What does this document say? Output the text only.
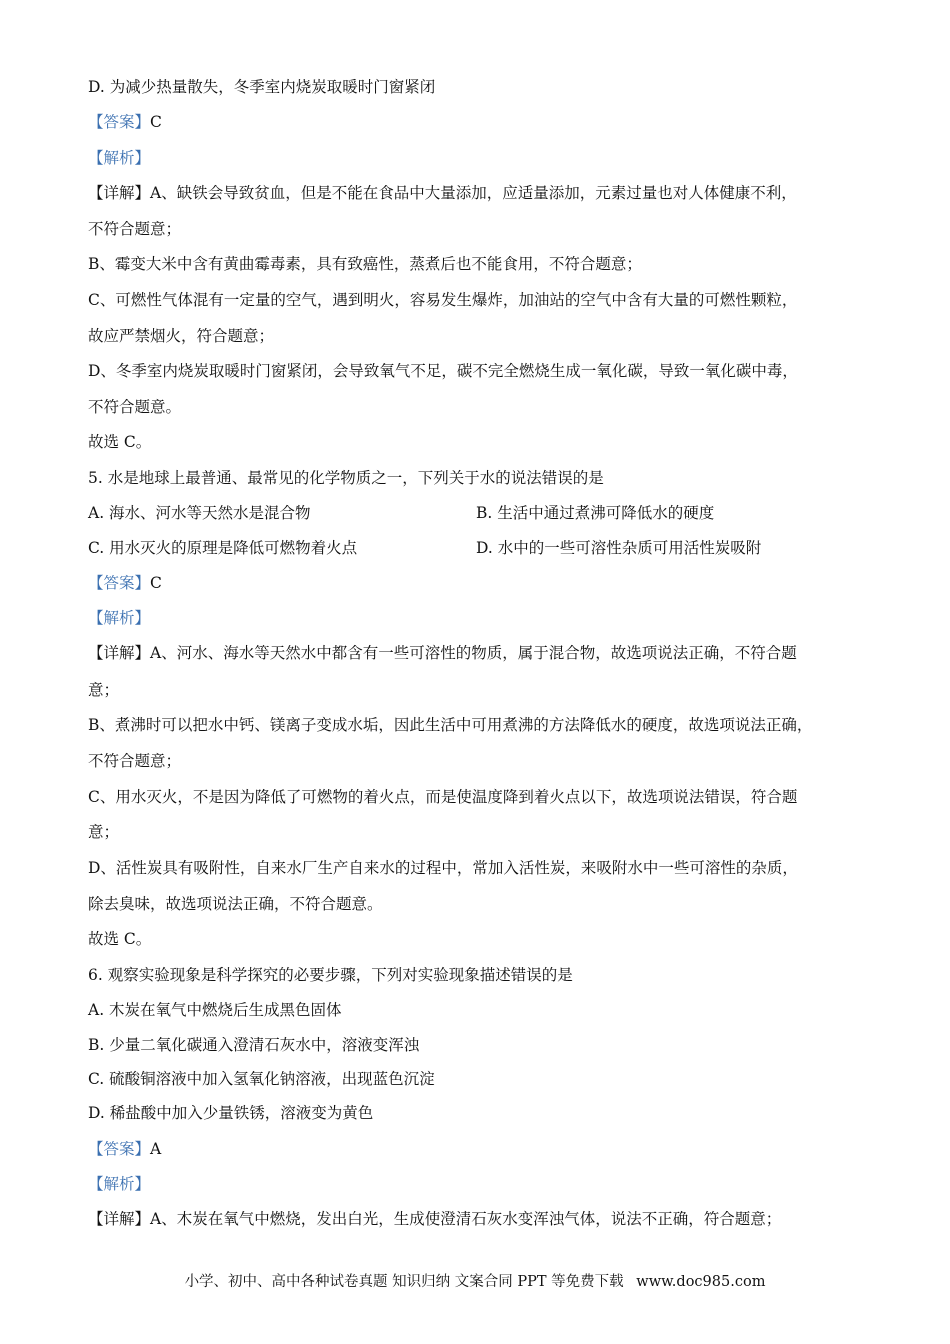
D. 为减少热量散失，冬季室内烧炭取暖时门窗紧闭
【答案】C
【解析】
【详解】A、缺铁会导致贫血，但是不能在食品中大量添加，应适量添加，元素过量也对人体健康不利，
不符合题意；
B、霉变大米中含有黄曲霉毒素，具有致癌性，蒸煮后也不能食用，不符合题意；
C、可燃性气体混有一定量的空气，遇到明火，容易发生爆炸，加油站的空气中含有大量的可燃性颗粒，
故应严禁烟火，符合题意；
D、冬季室内烧炭取暖时门窗紧闭，会导致氧气不足，碳不完全燃烧生成一氧化碳，导致一氧化碳中毒，
不符合题意。
故选 C。
5. 水是地球上最普通、最常见的化学物质之一，下列关于水的说法错误的是
A. 海水、河水等天然水是混合物	B. 生活中通过煮沸可降低水的硬度
C. 用水灭火的原理是降低可燃物着火点	D. 水中的一些可溶性杂质可用活性炭吸附
【答案】C
【解析】
【详解】A、河水、海水等天然水中都含有一些可溶性的物质，属于混合物，故选项说法正确，不符合题
意；
B、煮沸时可以把水中钙、镁离子变成水垢，因此生活中可用煮沸的方法降低水的硬度，故选项说法正确，
不符合题意；
C、用水灭火，不是因为降低了可燃物的着火点，而是使温度降到着火点以下，故选项说法错误，符合题
意；
D、活性炭具有吸附性，自来水厂生产自来水的过程中，常加入活性炭，来吸附水中一些可溶性的杂质，
除去臭味，故选项说法正确，不符合题意。
故选 C。
6. 观察实验现象是科学探究的必要步骤，下列对实验现象描述错误的是
A. 木炭在氧气中燃烧后生成黑色固体
B. 少量二氧化碳通入澄清石灰水中，溶液变浑浊
C. 硫酸铜溶液中加入氢氧化钠溶液，出现蓝色沉淀
D. 稀盐酸中加入少量铁锈，溶液变为黄色
【答案】A
【解析】
【详解】A、木炭在氧气中燃烧，发出白光，生成使澄清石灰水变浑浊气体，说法不正确，符合题意；
小学、初中、高中各种试卷真题 知识归纳 文案合同 PPT 等免费下载 www.doc985.com
